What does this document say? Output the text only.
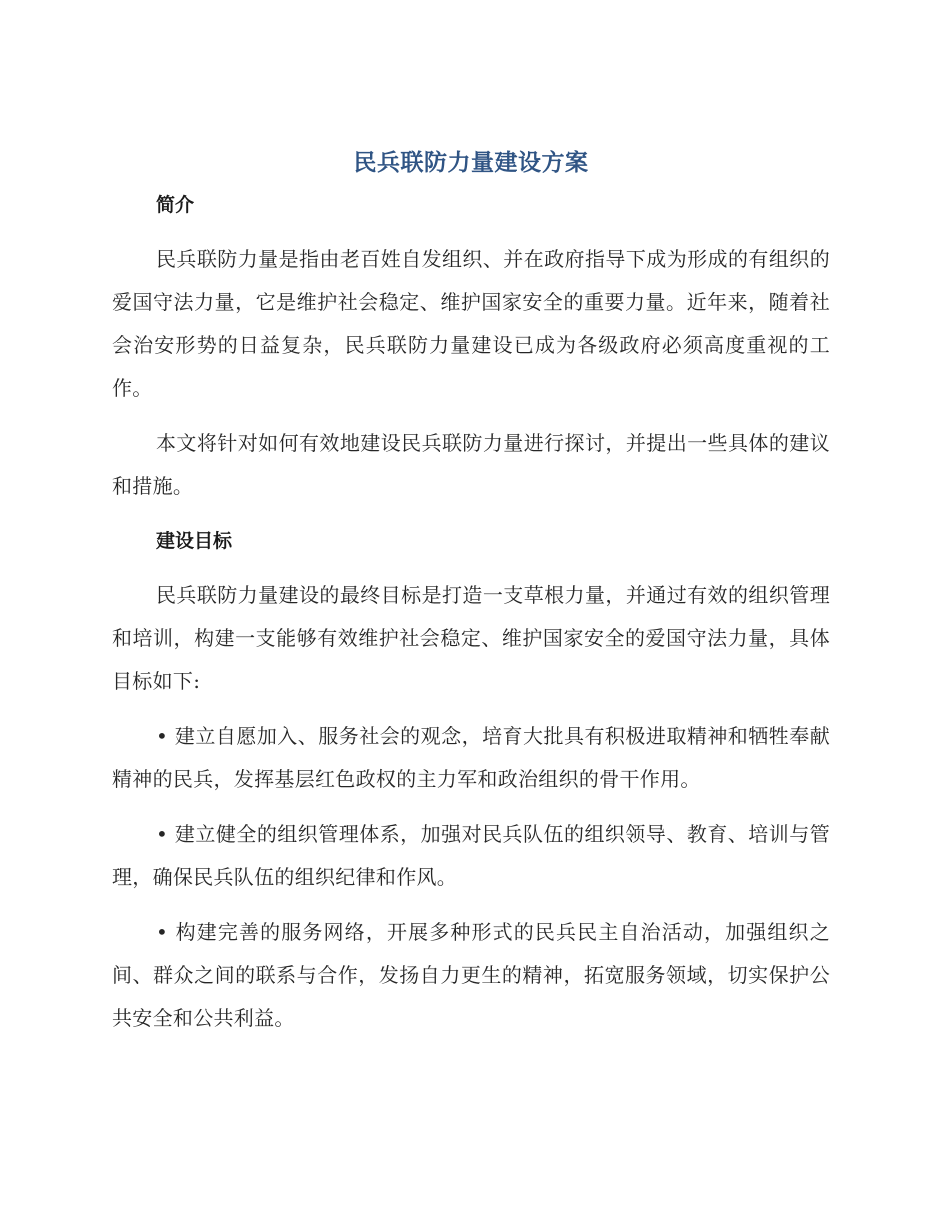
民兵联防力量建设方案
简介

民兵联防力量是指由老百姓自发组织、并在政府指导下成为形成的有组织的爱国守法力量，它是维护社会稳定、维护国家安全的重要力量。近年来，随着社会治安形势的日益复杂，民兵联防力量建设已成为各级政府必须高度重视的工作。

本文将针对如何有效地建设民兵联防力量进行探讨，并提出一些具体的建议和措施。

建设目标

民兵联防力量建设的最终目标是打造一支草根力量，并通过有效的组织管理和培训，构建一支能够有效维护社会稳定、维护国家安全的爱国守法力量，具体目标如下:

• 建立自愿加入、服务社会的观念，培育大批具有积极进取精神和牺牲奉献精神的民兵，发挥基层红色政权的主力军和政治组织的骨干作用。

• 建立健全的组织管理体系，加强对民兵队伍的组织领导、教育、培训与管理，确保民兵队伍的组织纪律和作风。

• 构建完善的服务网络，开展多种形式的民兵民主自治活动，加强组织之间、群众之间的联系与合作，发扬自力更生的精神，拓宽服务领域，切实保护公共安全和公共利益。
